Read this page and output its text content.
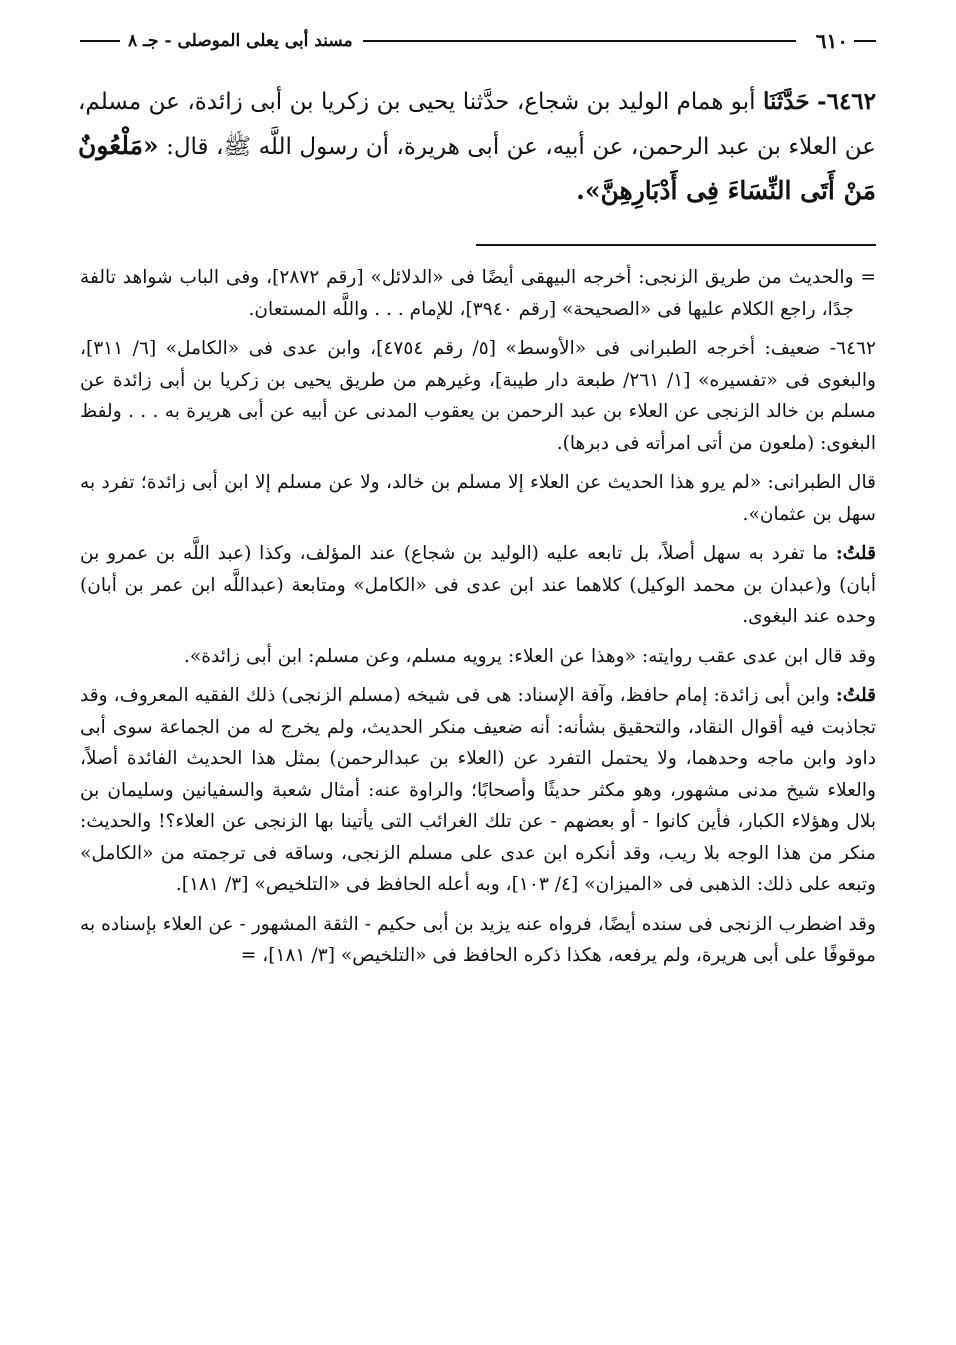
٦١٠
مسند أبى يعلى الموصلى - جـ ٨
٦٤٦٢- حَدَّثَنَا أبو همام الوليد بن شجاع، حدَّثنا يحيى بن زكريا بن أبى زائدة، عن مسلم، عن العلاء بن عبد الرحمن، عن أبيه، عن أبى هريرة، أن رسول اللَّه ﷺ، قال: «مَلْعُونٌ مَنْ أَتَى النِّسَاءَ فِى أَدْبَارِهِنَّ».

= والحديث من طريق الزنجى: أخرجه البيهقى أيضًا فى «الدلائل» [رقم ٢٨٧٢]، وفى الباب شواهد تالفة جدًا، راجع الكلام عليها فى «الصحيحة» [رقم ٣٩٤٠]، للإمام . . . واللَّه المستعان.

٦٤٦٢- ضعيف: أخرجه الطبرانى فى «الأوسط» [٥/ رقم ٤٧٥٤]، وابن عدى فى «الكامل» [٦/ ٣١١]، والبغوى فى «تفسيره» [١/ ٢٦١/ طبعة دار طيبة]، وغيرهم من طريق يحيى بن زكريا بن أبى زائدة عن مسلم بن خالد الزنجى عن العلاء بن عبد الرحمن بن يعقوب المدنى عن أبيه عن أبى هريرة به . . . ولفظ البغوى: (ملعون من أتى امرأته فى دبرها).

قال الطبرانى: «لم يرو هذا الحديث عن العلاء إلا مسلم بن خالد، ولا عن مسلم إلا ابن أبى زائدة؛ تفرد به سهل بن عثمان».

قلتُ: ما تفرد به سهل أصلاً، بل تابعه عليه (الوليد بن شجاع) عند المؤلف، وكذا (عبد اللَّه بن عمرو بن أبان) و(عبدان بن محمد الوكيل) كلاهما عند ابن عدى فى «الكامل» ومتابعة (عبداللَّه ابن عمر بن أبان) وحده عند البغوى.

وقد قال ابن عدى عقب روايته: «وهذا عن العلاء: يرويه مسلم، وعن مسلم: ابن أبى زائدة».

قلتُ: وابن أبى زائدة: إمام حافظ، وآفة الإسناد: هى فى شيخه (مسلم الزنجى) ذلك الفقيه المعروف، وقد تجاذبت فيه أقوال النقاد، والتحقيق بشأنه: أنه ضعيف منكر الحديث، ولم يخرج له من الجماعة سوى أبى داود وابن ماجه وحدهما، ولا يحتمل التفرد عن (العلاء بن عبدالرحمن) بمثل هذا الحديث الفائدة أصلاً، والعلاء شيخ مدنى مشهور، وهو مكثر حديثًا وأصحابًا؛ والراوة عنه: أمثال شعبة والسفيانين وسليمان بن بلال وهؤلاء الكبار، فأين كانوا - أو بعضهم - عن تلك الغرائب التى يأتينا بها الزنجى عن العلاء؟! والحديث: منكر من هذا الوجه بلا ريب، وقد أنكره ابن عدى على مسلم الزنجى، وساقه فى ترجمته من «الكامل» وتبعه على ذلك: الذهبى فى «الميزان» [٤/ ١٠٣]، وبه أعله الحافظ فى «التلخيص» [٣/ ١٨١].

وقد اضطرب الزنجى فى سنده أيضًا، فرواه عنه يزيد بن أبى حكيم - الثقة المشهور - عن العلاء بإسناده به موقوفًا على أبى هريرة، ولم يرفعه، هكذا ذكره الحافظ فى «التلخيص» [٣/ ١٨١]، =
